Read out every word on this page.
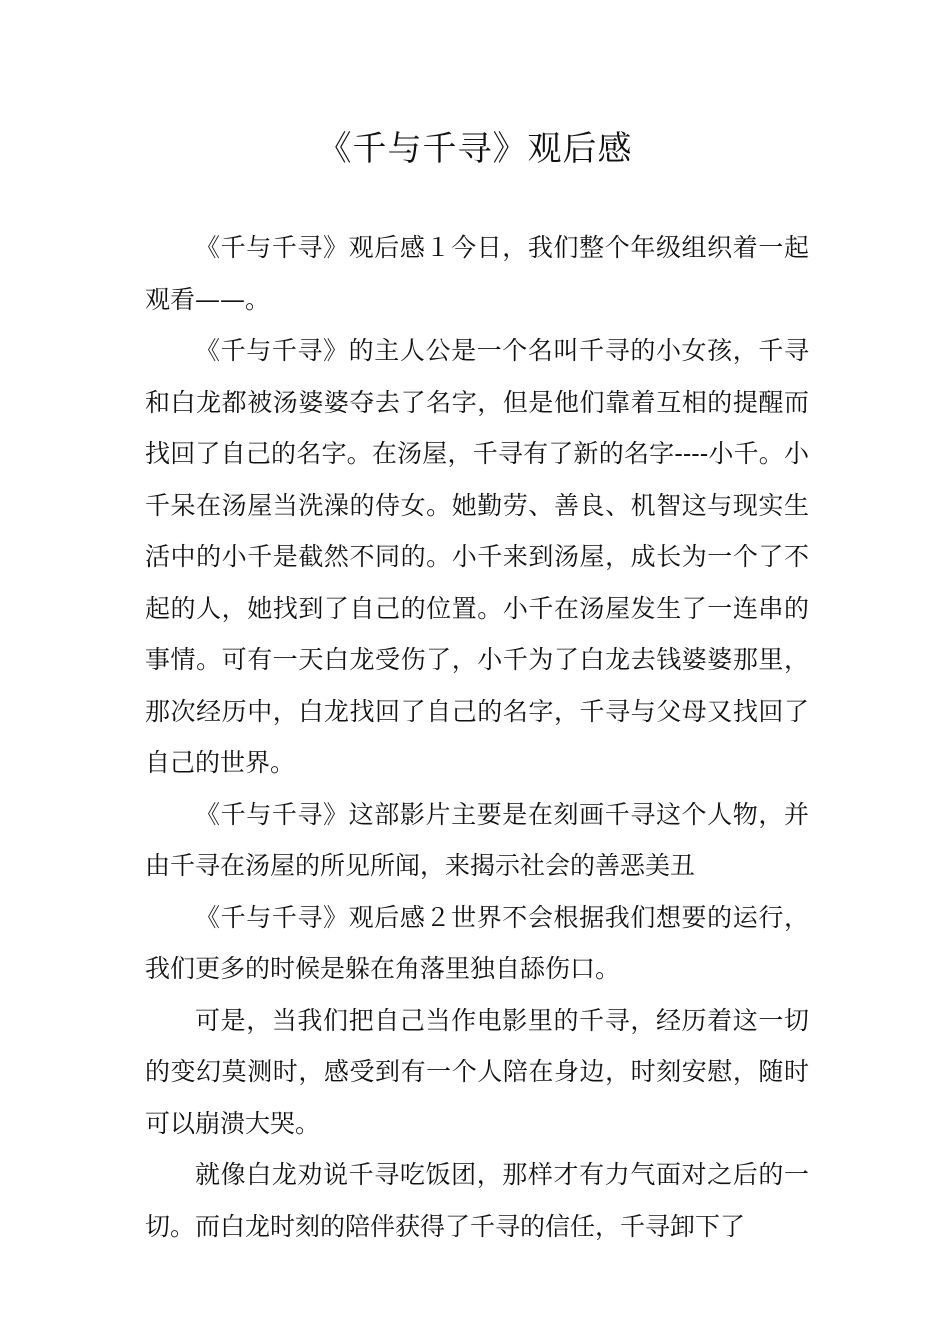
《千与千寻》观后感

《千与千寻》观后感１今日，我们整个年级组织着一起观看——。

《千与千寻》的主人公是一个名叫千寻的小女孩，千寻和白龙都被汤婆婆夺去了名字，但是他们靠着互相的提醒而找回了自己的名字。在汤屋，千寻有了新的名字----小千。小千呆在汤屋当洗澡的侍女。她勤劳、善良、机智这与现实生活中的小千是截然不同的。小千来到汤屋，成长为一个了不起的人，她找到了自己的位置。小千在汤屋发生了一连串的事情。可有一天白龙受伤了，小千为了白龙去钱婆婆那里，那次经历中，白龙找回了自己的名字，千寻与父母又找回了自己的世界。

《千与千寻》这部影片主要是在刻画千寻这个人物，并由千寻在汤屋的所见所闻，来揭示社会的善恶美丑

《千与千寻》观后感２世界不会根据我们想要的运行，我们更多的时候是躲在角落里独自舔伤口。

可是，当我们把自己当作电影里的千寻，经历着这一切的变幻莫测时，感受到有一个人陪在身边，时刻安慰，随时可以崩溃大哭。

就像白龙劝说千寻吃饭团，那样才有力气面对之后的一切。而白龙时刻的陪伴获得了千寻的信任，千寻卸下了
